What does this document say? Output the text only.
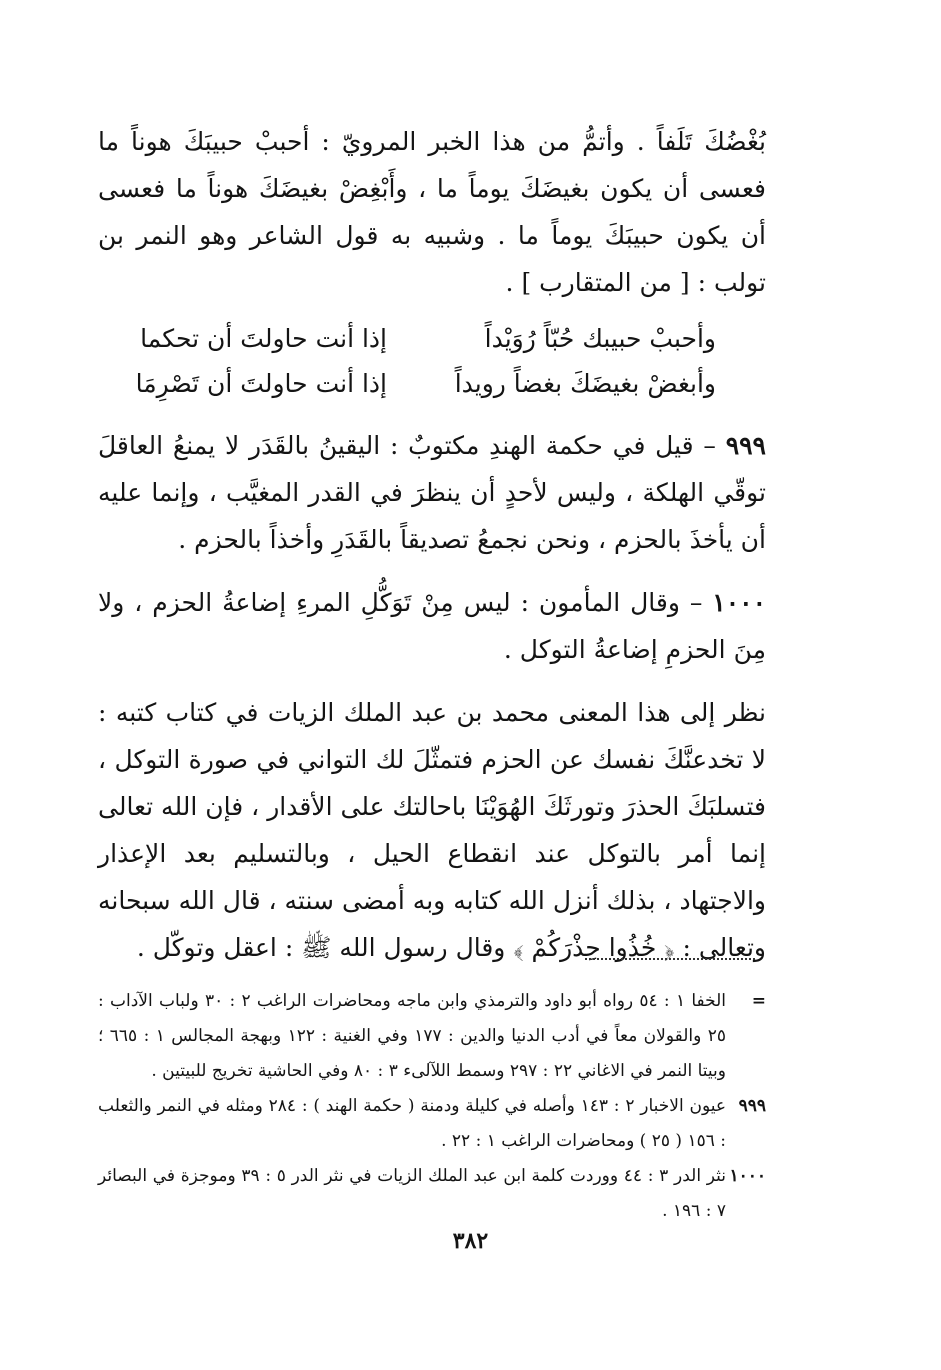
بُغْضُكَ تَلَفاً . وأتمُّ من هذا الخبر المرويّ : أحببْ حبيبَكَ هوناً ما فعسى أن يكون بغيضَكَ يوماً ما ، وأَبْغِضْ بغيضَكَ هوناً ما فعسى أن يكون حبيبَكَ يوماً ما . وشبيه به قول الشاعر وهو النمر بن تولب : [ من المتقارب ] .

وأحببْ حبيبك حُبّاً رُوَيْداً
إذا أنت حاولتَ أن تحكما
وأبغضْ بغيضَكَ بغضاً رويداً
إذا أنت حاولتَ أن تَصْرِمَا

٩٩٩ – قيل في حكمة الهندِ مكتوبٌ : اليقينُ بالقَدَر لا يمنعُ العاقلَ توقّي الهلكة ، وليس لأحدٍ أن ينظرَ في القدر المغيَّب ، وإنما عليه أن يأخذَ بالحزم ، ونحن نجمعُ تصديقاً بالقَدَرِ وأخذاً بالحزم .

١٠٠٠ – وقال المأمون : ليس مِنْ تَوَكُّلِ المرءِ إضاعةُ الحزم ، ولا مِنَ الحزمِ إضاعةُ التوكل .

نظر إلى هذا المعنى محمد بن عبد الملك الزيات في كتاب كتبه : لا تخدعنَّكَ نفسك عن الحزم فتمثّلَ لك التواني في صورة التوكل ، فتسلبَكَ الحذرَ وتورثَكَ الهُوَيْنَا باحالتك على الأقدار ، فإن الله تعالى إنما أمر بالتوكل عند انقطاع الحيل ، وبالتسليم بعد الإعذار والاجتهاد ، بذلك أنزل الله كتابه وبه أمضى سنته ، قال الله سبحانه وتعالى : ﴿ خُذُوا حِذْرَكُمْ ﴾ وقال رسول الله ﷺ : اعقل وتوكّل .

=
الخفا ١ : ٥٤ رواه أبو داود والترمذي وابن ماجه ومحاضرات الراغب ٢ : ٣٠ ولباب الآداب : ٢٥ والقولان معاً في أدب الدنيا والدين : ١٧٧ وفي الغنية : ١٢٢ وبهجة المجالس ١ : ٦٦٥ ؛ وبيتا النمر في الاغاني ٢٢ : ٢٩٧ وسمط اللآلىء ٣ : ٨٠ وفي الحاشية تخريج للبيتين .
٩٩٩
عيون الاخبار ٢ : ١٤٣ وأصله في كليلة ودمنة ( حكمة الهند ) : ٢٨٤ ومثله في النمر والثعلب : ١٥٦ ( ٢٥ ) ومحاضرات الراغب ١ : ٢٢ .
١٠٠٠
نثر الدر ٣ : ٤٤ ووردت كلمة ابن عبد الملك الزيات في نثر الدر ٥ : ٣٩ وموجزة في البصائر ٧ : ١٩٦ .
٣٨٢
